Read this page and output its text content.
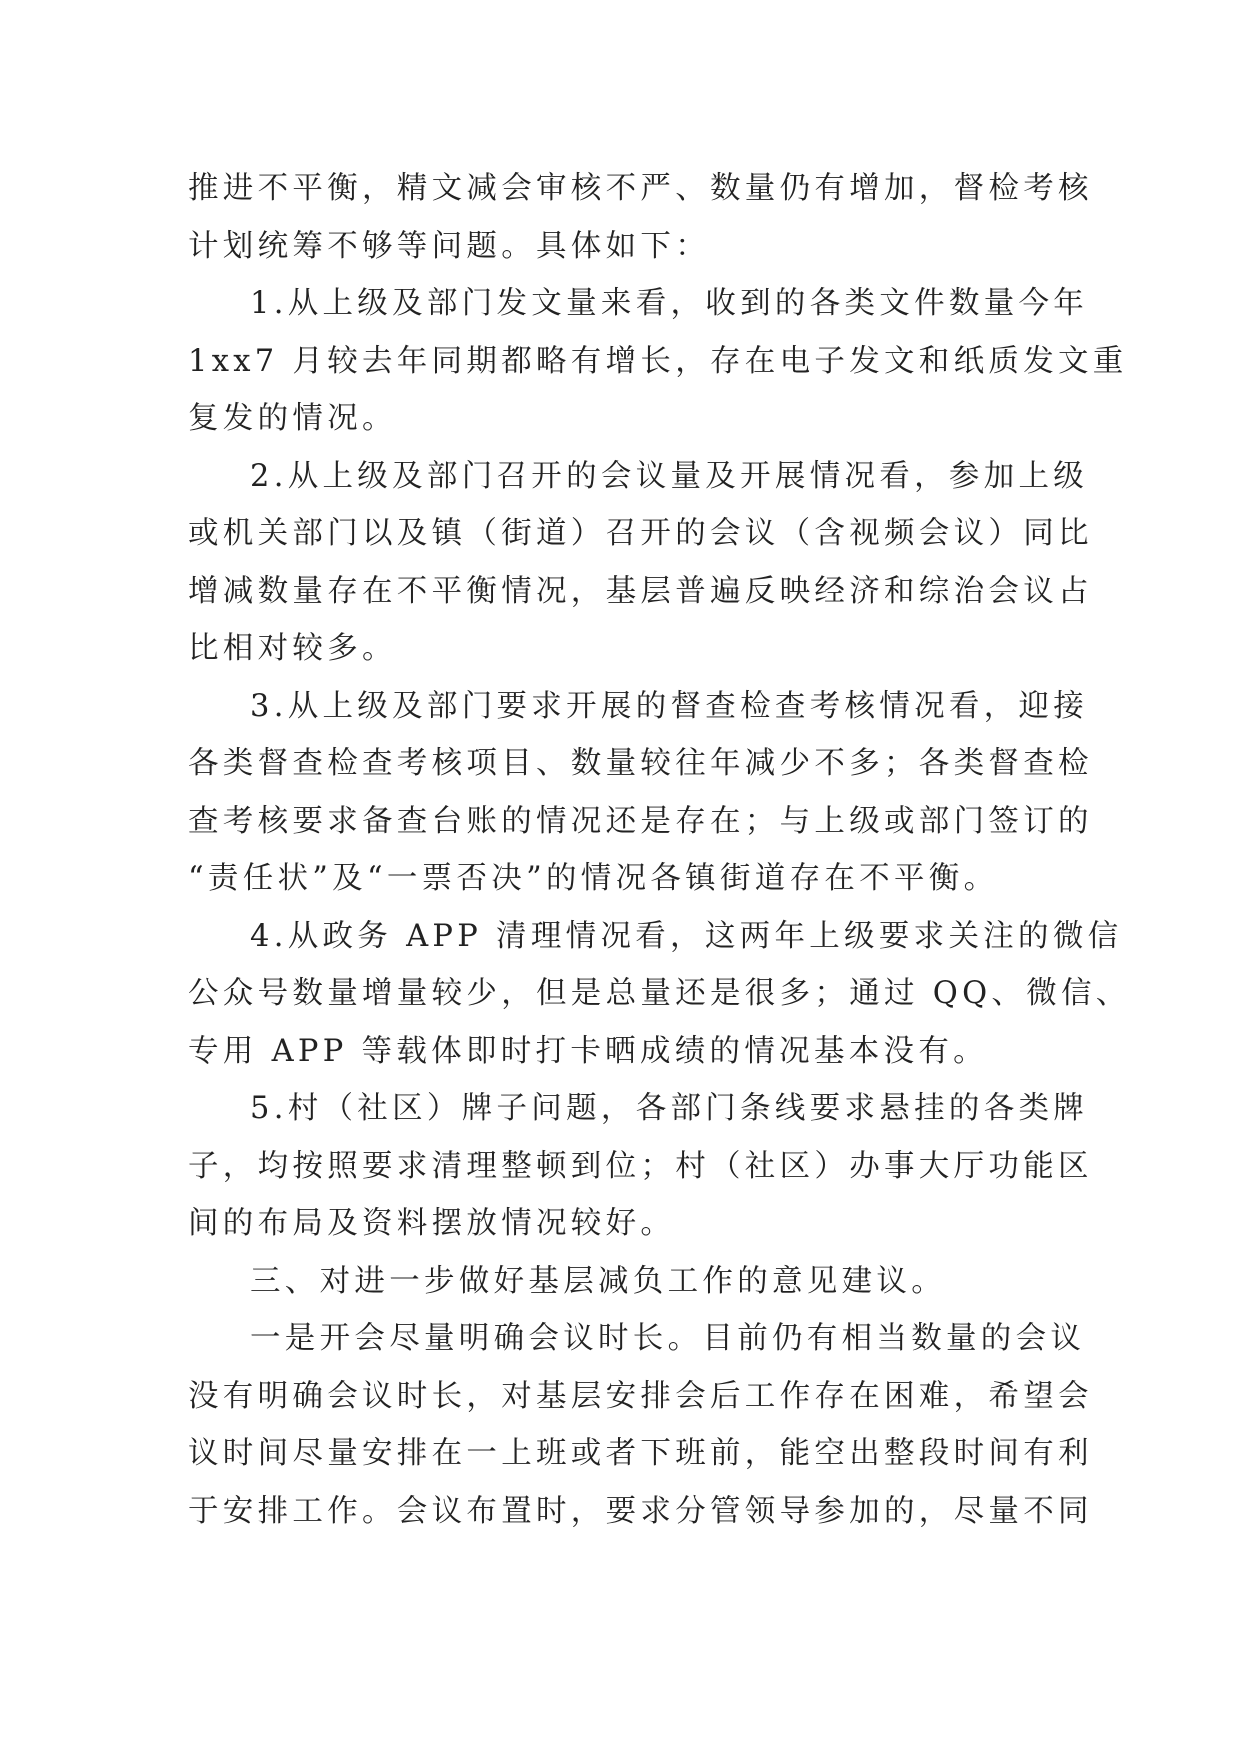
推进不平衡，精文减会审核不严、数量仍有增加，督检考核
计划统筹不够等问题。具体如下：
1.从上级及部门发文量来看，收到的各类文件数量今年
1xx7 月较去年同期都略有增长，存在电子发文和纸质发文重
复发的情况。
2.从上级及部门召开的会议量及开展情况看，参加上级
或机关部门以及镇（街道）召开的会议（含视频会议）同比
增减数量存在不平衡情况，基层普遍反映经济和综治会议占
比相对较多。
3.从上级及部门要求开展的督查检查考核情况看，迎接
各类督查检查考核项目、数量较往年减少不多；各类督查检
查考核要求备查台账的情况还是存在；与上级或部门签订的
“责任状”及“一票否决”的情况各镇街道存在不平衡。
4.从政务 APP 清理情况看，这两年上级要求关注的微信
公众号数量增量较少，但是总量还是很多；通过 QQ、微信、
专用 APP 等载体即时打卡晒成绩的情况基本没有。
5.村（社区）牌子问题，各部门条线要求悬挂的各类牌
子，均按照要求清理整顿到位；村（社区）办事大厅功能区
间的布局及资料摆放情况较好。
三、对进一步做好基层减负工作的意见建议。
一是开会尽量明确会议时长。目前仍有相当数量的会议
没有明确会议时长，对基层安排会后工作存在困难，希望会
议时间尽量安排在一上班或者下班前，能空出整段时间有利
于安排工作。会议布置时，要求分管领导参加的，尽量不同
